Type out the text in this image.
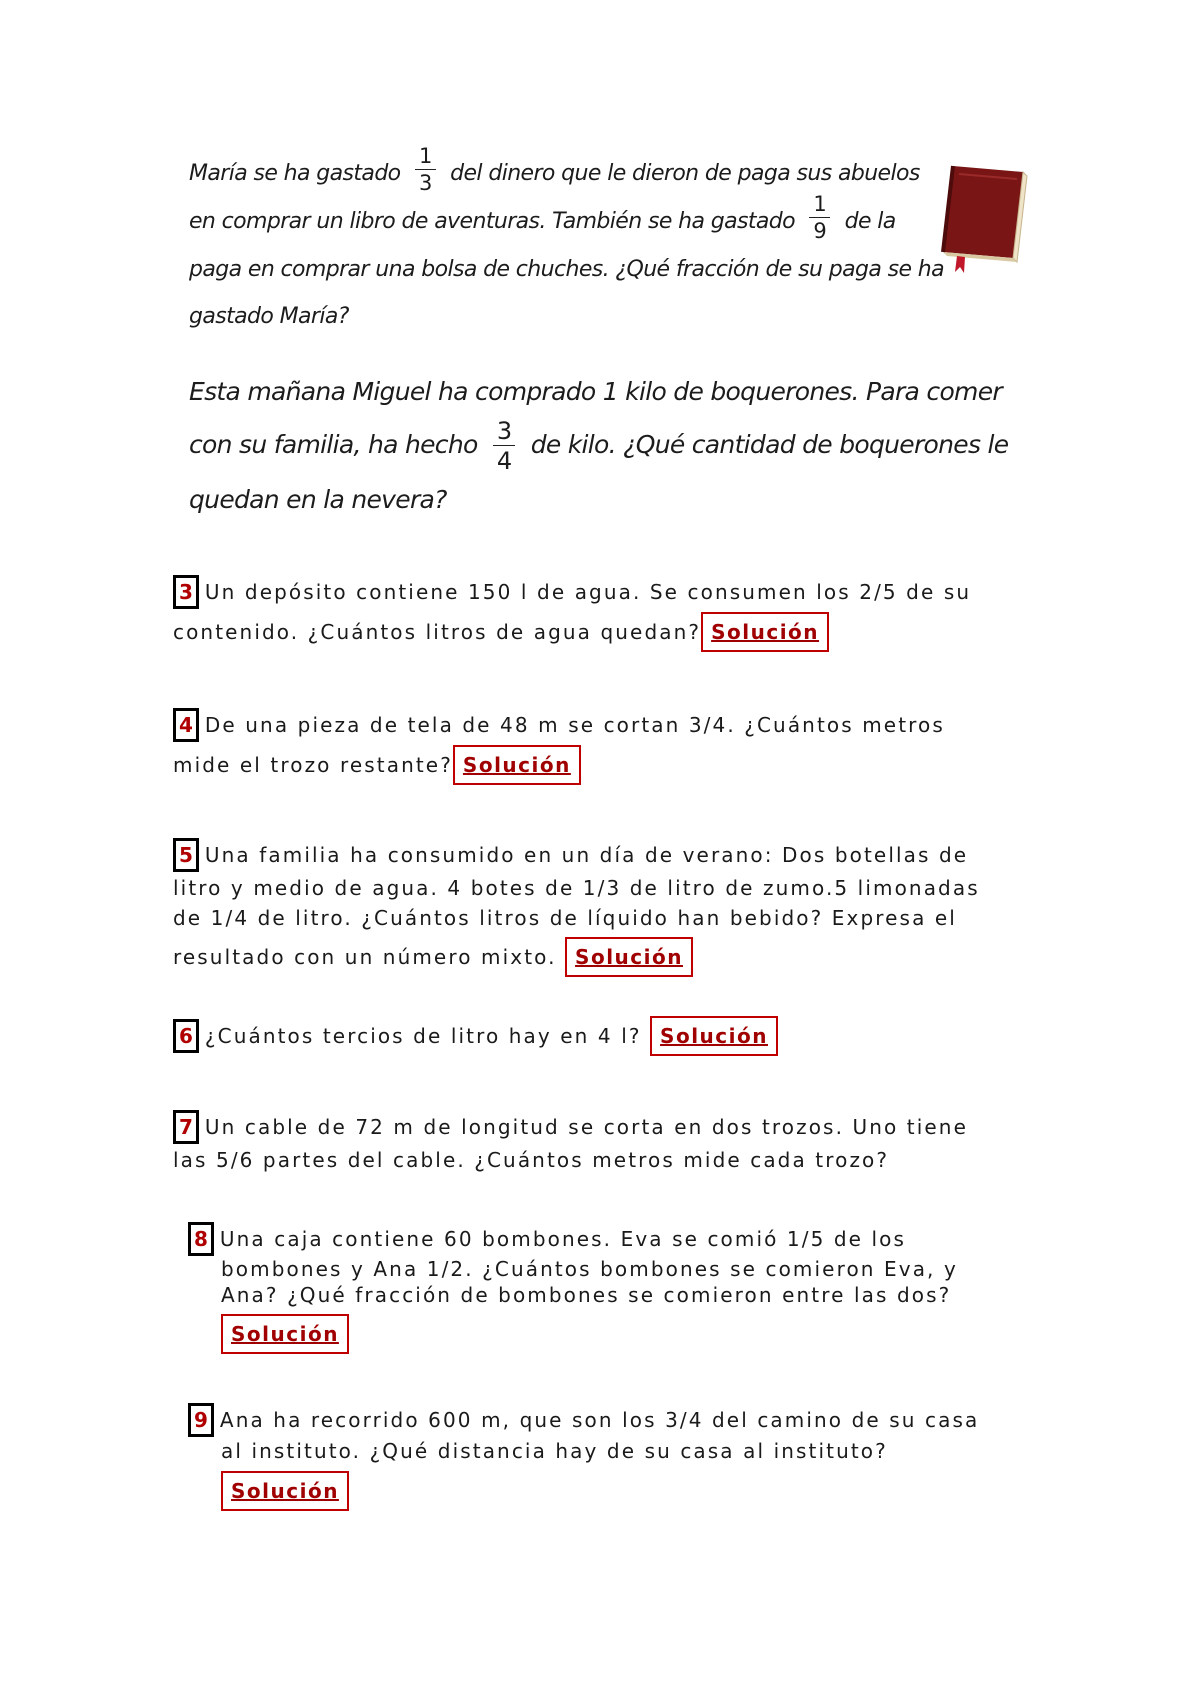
María se ha gastado $\frac{1}{3}$ del dinero que le dieron de paga sus abuelos
en comprar un libro de aventuras. También se ha gastado $\frac{1}{9}$ de la
paga en comprar una bolsa de chuches. ¿Qué fracción de su paga se ha
gastado María?
Esta mañana Miguel ha comprado 1 kilo de boquerones. Para comer
con su familia, ha hecho $\frac{3}{4}$ de kilo. ¿Qué cantidad de boquerones le
quedan en la nevera?
3 Un depósito contiene 150 l de agua. Se consumen los 2/5 de su
contenido. ¿Cuántos litros de agua quedan? Solución
4 De una pieza de tela de 48 m se cortan 3/4. ¿Cuántos metros
mide el trozo restante? Solución
5 Una familia ha consumido en un día de verano: Dos botellas de
litro y medio de agua. 4 botes de 1/3 de litro de zumo.5 limonadas
de 1/4 de litro. ¿Cuántos litros de líquido han bebido? Expresa el
resultado con un número mixto. Solución
6 ¿Cuántos tercios de litro hay en 4 l? Solución
7 Un cable de 72 m de longitud se corta en dos trozos. Uno tiene
las 5/6 partes del cable. ¿Cuántos metros mide cada trozo?
8 Una caja contiene 60 bombones. Eva se comió 1/5 de los
bombones y Ana 1/2. ¿Cuántos bombones se comieron Eva, y
Ana? ¿Qué fracción de bombones se comieron entre las dos?
Solución
9 Ana ha recorrido 600 m, que son los 3/4 del camino de su casa
al instituto. ¿Qué distancia hay de su casa al instituto?
Solución
